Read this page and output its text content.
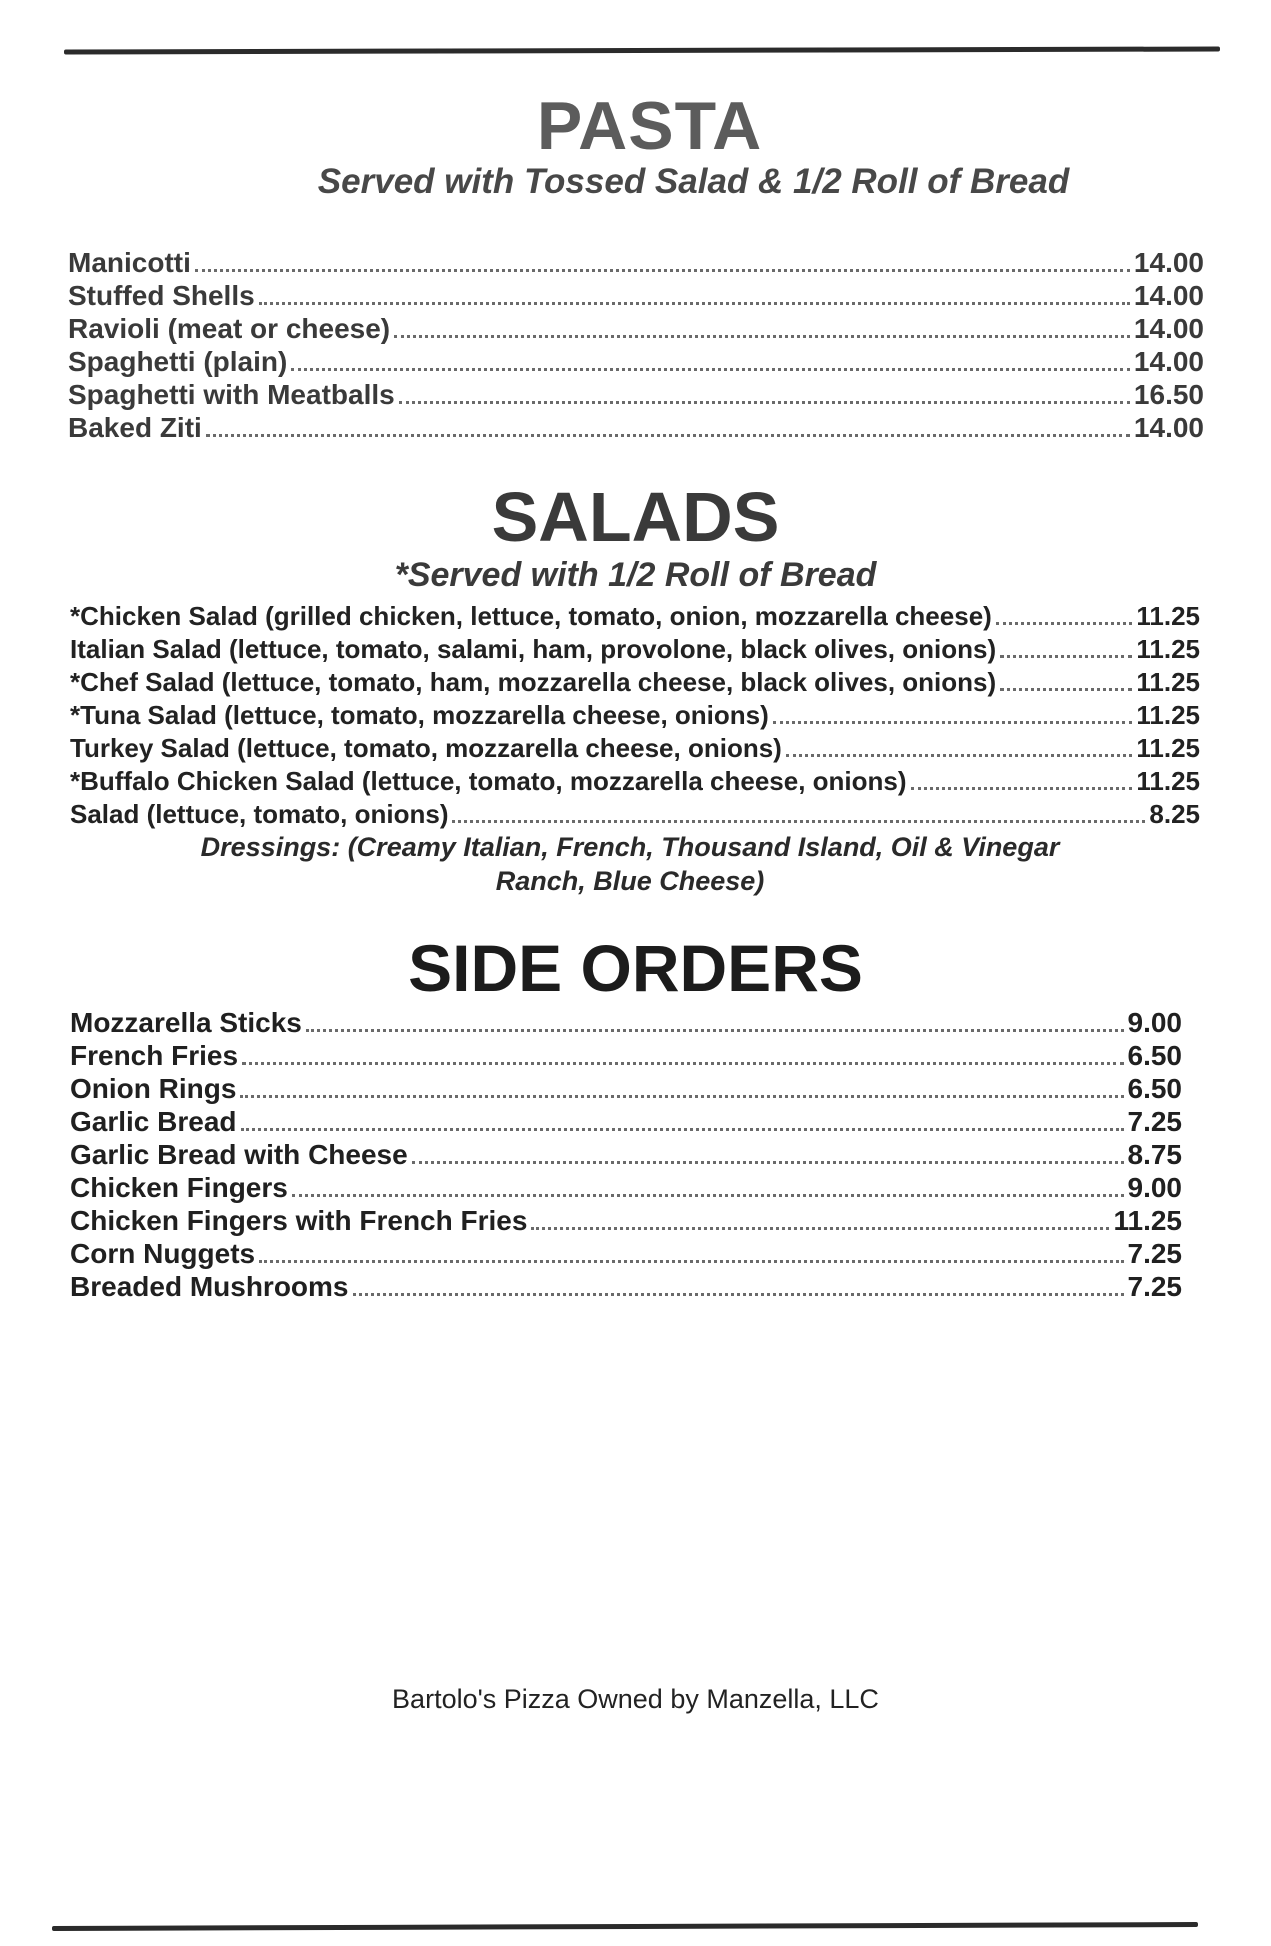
PASTA

Served with Tossed Salad & 1/2 Roll of Bread

Manicotti	14.00
Stuffed Shells	14.00
Ravioli (meat or cheese)	14.00
Spaghetti (plain)	14.00
Spaghetti with Meatballs	16.50
Baked Ziti	14.00
SALADS

*Served with 1/2 Roll of Bread

*Chicken Salad (grilled chicken, lettuce, tomato, onion, mozzarella cheese)	11.25
Italian Salad (lettuce, tomato, salami, ham, provolone, black olives, onions)	11.25
*Chef Salad (lettuce, tomato, ham, mozzarella cheese, black olives, onions)	11.25
*Tuna Salad (lettuce, tomato, mozzarella cheese, onions)	11.25
Turkey Salad (lettuce, tomato, mozzarella cheese, onions)	11.25
*Buffalo Chicken Salad (lettuce, tomato, mozzarella cheese, onions)	11.25
Salad (lettuce, tomato, onions)	8.25

Dressings: (Creamy Italian, French, Thousand Island, Oil & Vinegar
Ranch, Blue Cheese)

SIDE ORDERS
Mozzarella Sticks	9.00
French Fries	6.50
Onion Rings	6.50
Garlic Bread	7.25
Garlic Bread with Cheese	8.75
Chicken Fingers	9.00
Chicken Fingers with French Fries	11.25
Corn Nuggets	7.25
Breaded Mushrooms	7.25

Bartolo's Pizza Owned by Manzella, LLC
